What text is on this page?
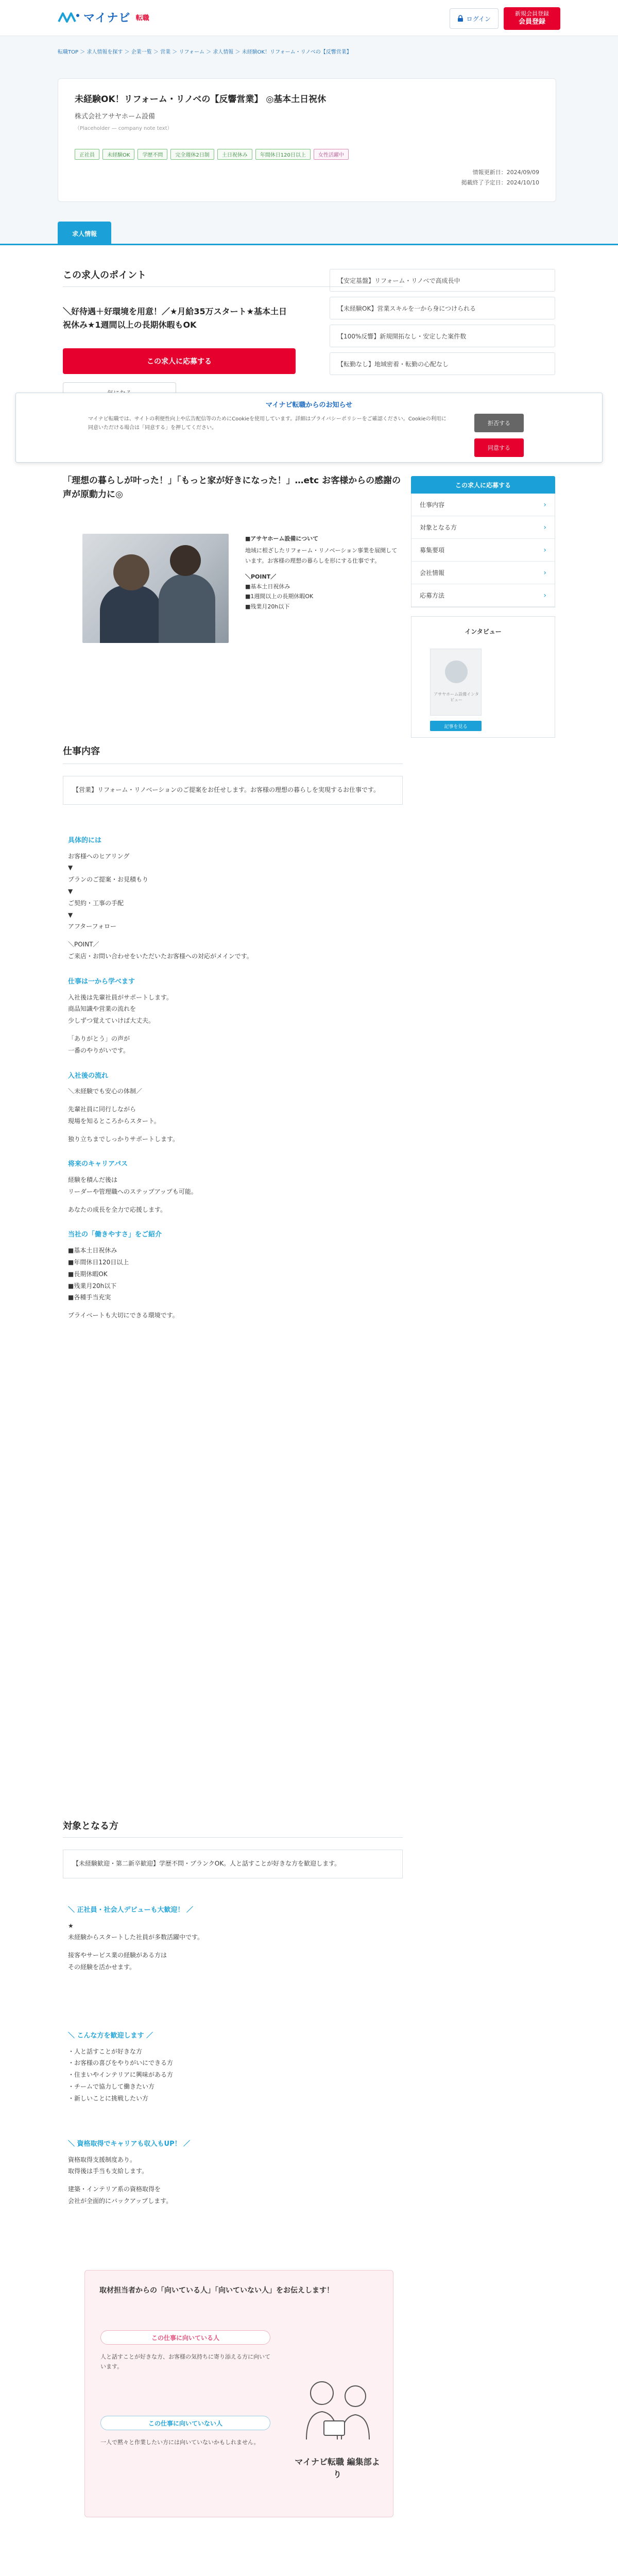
マイナビ 転職	ログイン
新規会員登録
会員登録
転職TOP ＞ 求人情報を探す ＞ 企業一覧 ＞ 営業 ＞ リフォーム ＞ 求人情報 ＞ 未経験OK！リフォーム・リノベの【反響営業】
未経験OK！リフォーム・リノベの【反響営業】 ◎基本土日祝休
株式会社アサヤホーム設備
（Placeholder — company note text）
正社員	未経験OK	学歴不問	完全週休2日制	土日祝休み	年間休日120日以上	女性活躍中
情報更新日：2024/09/09
掲載終了予定日：2024/10/10
求人情報
この求人のポイント

＼好待遇＋好環境を用意！／★月給35万スタート★基本土日祝休み★1週間以上の長期休暇もOK

この求人に応募する
【安定基盤】リフォーム・リノベで高成長中
【未経験OK】営業スキルを一から身につけられる
【100%反響】新規開拓なし・安定した案件数
【転勤なし】地域密着・転勤の心配なし
マイナビ転職からのお知らせ
マイナビ転職では、サイトの利便性向上や広告配信等のためにCookieを使用しています。詳細はプライバシーポリシーをご確認ください。Cookieの利用に同意いただける場合は「同意する」を押してください。
拒否する
同意する

「理想の暮らしが叶った！」「もっと家が好きになった！」…etc お客様からの感謝の声が原動力に◎

■アサヤホーム設備について
地域に根ざしたリフォーム・リノベーション事業を展開しています。お客様の理想の暮らしを形にする仕事です。
＼POINT／
■基本土日祝休み
■1週間以上の長期休暇OK
■残業月20h以下
この求人に応募する
仕事内容	›
対象となる方	›
募集要項	›
会社情報	›
応募方法	›
インタビュー
アサヤホーム設備インタビュー
記事を見る
仕事内容
【営業】リフォーム・リノベーションのご提案をお任せします。お客様の理想の暮らしを実現するお仕事です。
具体的には
お客様へのヒアリング
▼
プランのご提案・お見積もり
▼
ご契約・工事の手配
▼
アフターフォロー
＼POINT／
ご来店・お問い合わせをいただいたお客様への対応がメインです。
仕事は一から学べます
入社後は先輩社員がサポートします。
商品知識や営業の流れを
少しずつ覚えていけば大丈夫。
「ありがとう」の声が
一番のやりがいです。
入社後の流れ
＼未経験でも安心の体制／
先輩社員に同行しながら
現場を知るところからスタート。
独り立ちまでしっかりサポートします。
将来のキャリアパス
経験を積んだ後は
リーダーや管理職へのステップアップも可能。
あなたの成長を全力で応援します。
当社の「働きやすさ」をご紹介
■基本土日祝休み
■年間休日120日以上
■長期休暇OK
■残業月20h以下
■各種手当充実
プライベートも大切にできる環境です。
対象となる方
【未経験歓迎・第二新卒歓迎】学歴不問・ブランクOK。人と話すことが好きな方を歓迎します。
＼ 正社員・社会人デビューも大歓迎！ ／
★
未経験からスタートした社員が多数活躍中です。
接客やサービス業の経験がある方は
その経験を活かせます。
＼ こんな方を歓迎します ／
・人と話すことが好きな方
・お客様の喜びをやりがいにできる方
・住まいやインテリアに興味がある方
・チームで協力して働きたい方
・新しいことに挑戦したい方
＼ 資格取得でキャリアも収入もUP！ ／
資格取得支援制度あり。
取得後は手当も支給します。
建築・インテリア系の資格取得を
会社が全面的にバックアップします。
取材担当者からの「向いている人」「向いていない人」をお伝えします！
この仕事に向いている人
人と話すことが好きな方、お客様の気持ちに寄り添える方に向いています。
この仕事に向いていない人
一人で黙々と作業したい方には向いていないかもしれません。
マイナビ転職 編集部より
